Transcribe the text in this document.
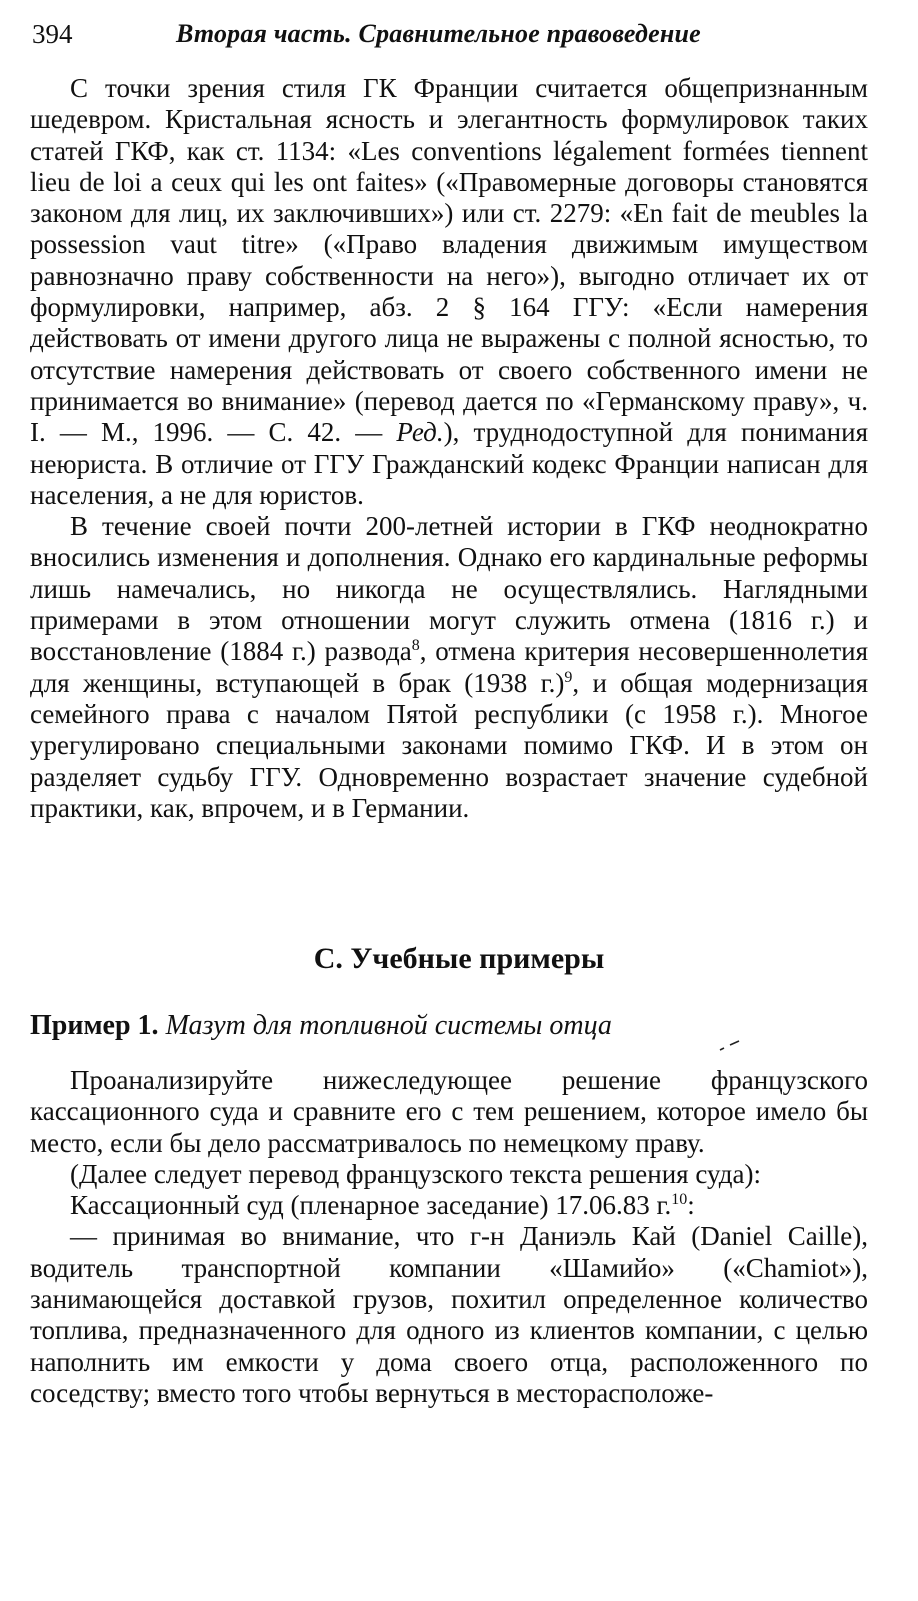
394	Вторая часть. Сравнительное правоведение

С точки зрения стиля ГК Франции считается общепризнанным шедевром. Кристальная ясность и элегантность формулировок таких статей ГКФ, как ст. 1134: «Les conventions légalement formées tiennent lieu de loi a ceux qui les ont faites» («Правомерные договоры становятся законом для лиц, их заключивших») или ст. 2279: «En fait de meubles la possession vaut titre» («Право владения движимым имуществом равнозначно праву собственности на него»), выгодно отличает их от формулировки, например, абз. 2 § 164 ГГУ: «Если намерения действовать от имени другого лица не выражены с полной ясностью, то отсутствие намерения действовать от своего собственного имени не принимается во внимание» (перевод дается по «Германскому праву», ч. I. — М., 1996. — С. 42. — Ред.), труднодоступной для понимания неюриста. В отличие от ГГУ Гражданский кодекс Франции написан для населения, а не для юристов.

В течение своей почти 200-летней истории в ГКФ неоднократно вносились изменения и дополнения. Однако его кардинальные реформы лишь намечались, но никогда не осуществлялись. Наглядными примерами в этом отношении могут служить отмена (1816 г.) и восстановление (1884 г.) развода$^8$, отмена критерия несовершеннолетия для женщины, вступающей в брак (1938 г.)$^9$, и общая модернизация семейного права с началом Пятой республики (с 1958 г.). Многое урегулировано специальными законами помимо ГКФ. И в этом он разделяет судьбу ГГУ. Одновременно возрастает значение судебной практики, как, впрочем, и в Германии.

С. Учебные примеры
Пример 1. Мазут для топливной системы отца

Проанализируйте нижеследующее решение французского кассационного суда и сравните его с тем решением, которое имело бы место, если бы дело рассматривалось по немецкому праву.

(Далее следует перевод французского текста решения суда):

Кассационный суд (пленарное заседание) 17.06.83 г.$^{10}$:

— принимая во внимание, что г-н Даниэль Кай (Daniel Caille), водитель транспортной компании «Шамийо» («Chamiot»), занимающейся доставкой грузов, похитил определенное количество топлива, предназначенного для одного из клиентов компании, с целью наполнить им емкости у дома своего отца, расположенного по соседству; вместо того чтобы вернуться в месторасположе-
